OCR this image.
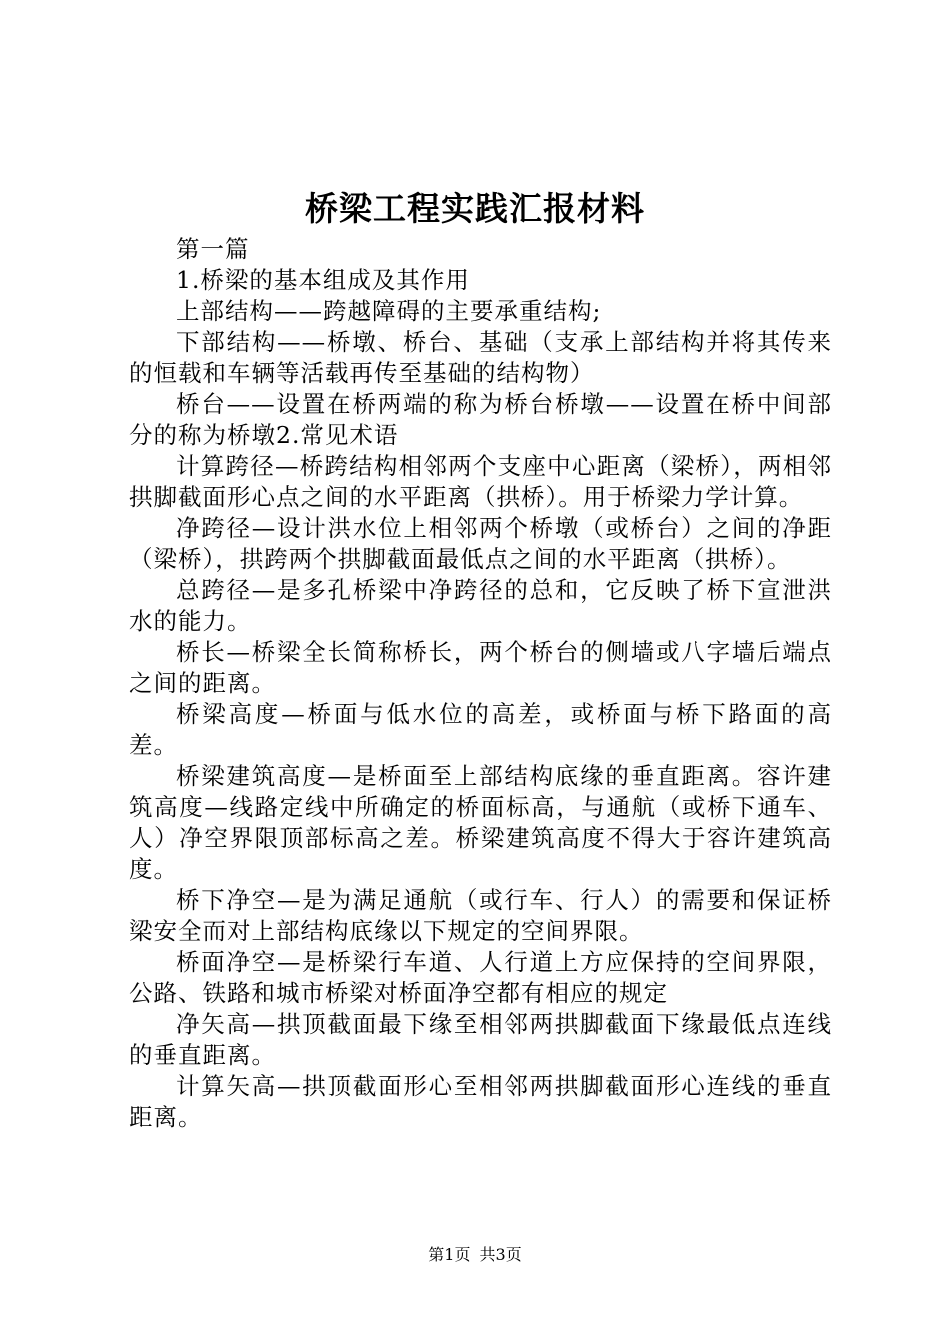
桥梁工程实践汇报材料

第一篇

1.桥梁的基本组成及其作用

上部结构——跨越障碍的主要承重结构;

下部结构——桥墩、桥台、基础（支承上部结构并将其传来的恒载和车辆等活载再传至基础的结构物）

桥台——设置在桥两端的称为桥台桥墩——设置在桥中间部分的称为桥墩2.常见术语

计算跨径—桥跨结构相邻两个支座中心距离（梁桥），两相邻拱脚截面形心点之间的水平距离（拱桥）。用于桥梁力学计算。

净跨径—设计洪水位上相邻两个桥墩（或桥台）之间的净距（梁桥），拱跨两个拱脚截面最低点之间的水平距离（拱桥）。

总跨径—是多孔桥梁中净跨径的总和，它反映了桥下宣泄洪水的能力。

桥长—桥梁全长简称桥长，两个桥台的侧墙或八字墙后端点之间的距离。

桥梁高度—桥面与低水位的高差，或桥面与桥下路面的高差。

桥梁建筑高度—是桥面至上部结构底缘的垂直距离。容许建筑高度—线路定线中所确定的桥面标高，与通航（或桥下通车、人）净空界限顶部标高之差。桥梁建筑高度不得大于容许建筑高度。

桥下净空—是为满足通航（或行车、行人）的需要和保证桥梁安全而对上部结构底缘以下规定的空间界限。

桥面净空—是桥梁行车道、人行道上方应保持的空间界限，公路、铁路和城市桥梁对桥面净空都有相应的规定

净矢高—拱顶截面最下缘至相邻两拱脚截面下缘最低点连线的垂直距离。

计算矢高—拱顶截面形心至相邻两拱脚截面形心连线的垂直距离。

第1页 共3页
